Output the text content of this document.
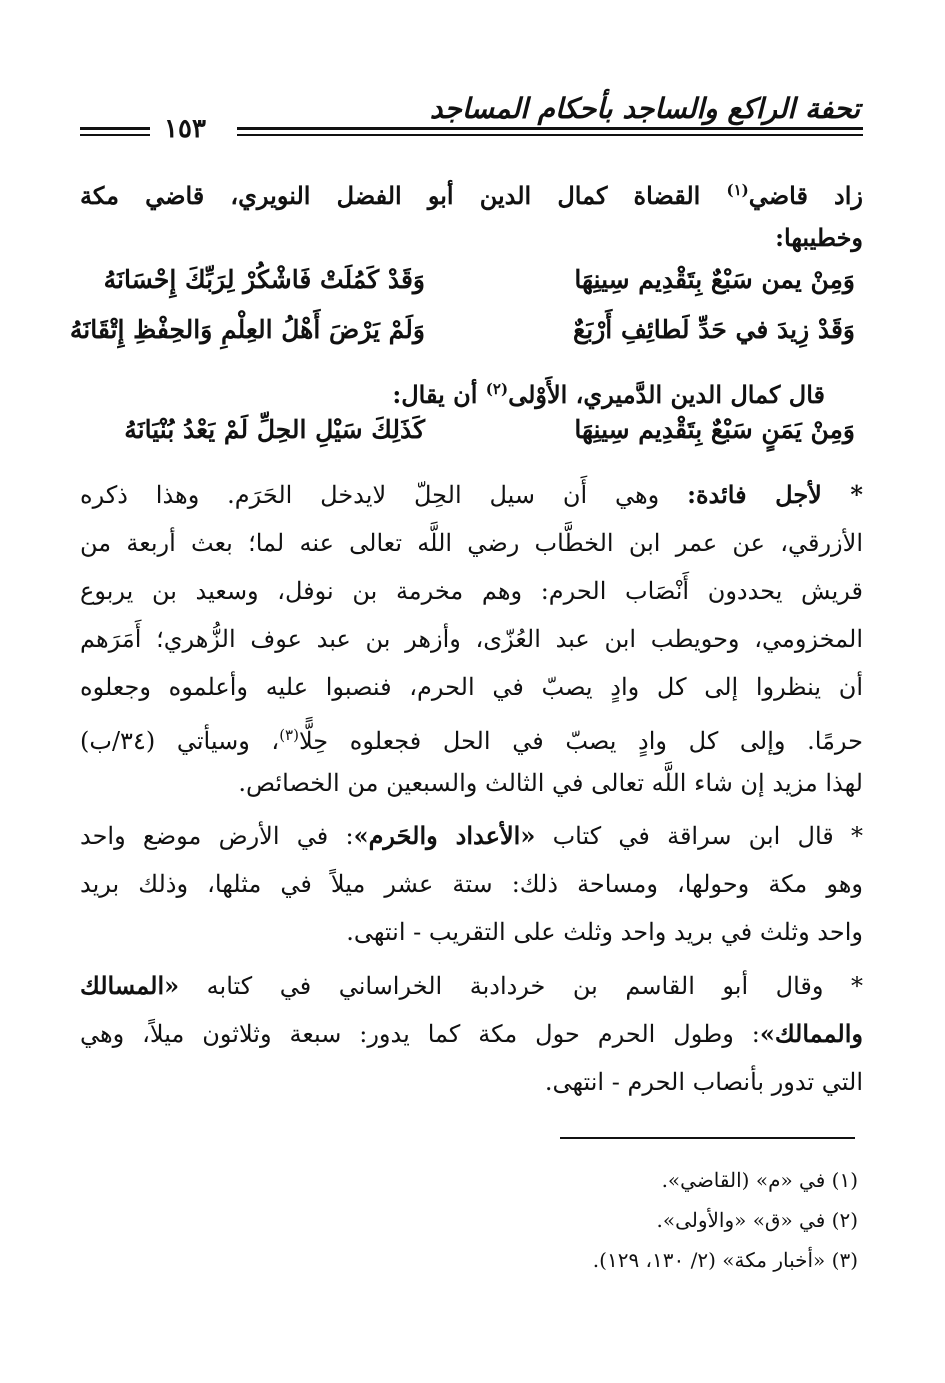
تحفة الراكع والساجد بأحكام المساجد
١٥٣
زاد قاضي$^{(١)}$ القضاة كمال الدين أبو الفضل النويري، قاضي مكة
وخطيبها:
وَمِنْ يمن سَبْعٌ بِتَقْدِيم سِينِهَا
وَقَدْ كَمُلَتْ فَاشْكُرْ لِرَبِّكَ إِحْسَانَهُ
وَقَدْ زِيدَ في حَدِّ لَطائِفِ أَرْبَعٌ
وَلَمْ يَرْضَ أَهْلُ العِلْمِ وَالحِفْظِ إِتْقَانَهُ
قال كمال الدين الدَّميري، الأَوْلى$^{(٢)}$ أن يقال:
وَمِنْ يَمَنٍ سَبْعٌ بِتَقْدِيم سِينِهَا
كَذَلِكَ سَيْلِ الحِلِّ لَمْ يَعْدُ بُنْيَانَهُ
* لأجل فائدة: وهي أَن سيل الحِلّ لايدخل الحَرَم. وهذا ذكره
الأزرقي، عن عمر ابن الخطَّاب رضي اللَّه تعالى عنه لما؛ بعث أربعة من
قريش يحددون أَنْصَاب الحرم: وهم مخرمة بن نوفل، وسعيد بن يربوع
المخزومي، وحويطب ابن عبد العُزّى، وأزهر بن عبد عوف الزُّهري؛ أَمَرَهم
أن ينظروا إلى كل وادٍ يصبّ في الحرم، فنصبوا عليه وأعلموه وجعلوه
حرمًا. وإلى كل وادٍ يصبّ في الحل فجعلوه حِلًّا$^{(٣)}$، وسيأتي (٣٤/ب)
لهذا مزيد إن شاء اللَّه تعالى في الثالث والسبعين من الخصائص.
* قال ابن سراقة في كتاب «الأعداد والحَرم»: في الأرض موضع واحد
وهو مكة وحولها، ومساحة ذلك: ستة عشر ميلاً في مثلها، وذلك بريد
واحد وثلث في بريد واحد وثلث على التقريب - انتهى.
* وقال أبو القاسم بن خردادبة الخراساني في كتابه «المسالك
والممالك»: وطول الحرم حول مكة كما يدور: سبعة وثلاثون ميلاً، وهي
التي تدور بأنصاب الحرم - انتهى.
(١) في «م» (القاضي».
(٢) في «ق» «والأولى».
(٣) «أخبار مكة» (٢/ ١٣٠، ١٢٩).
